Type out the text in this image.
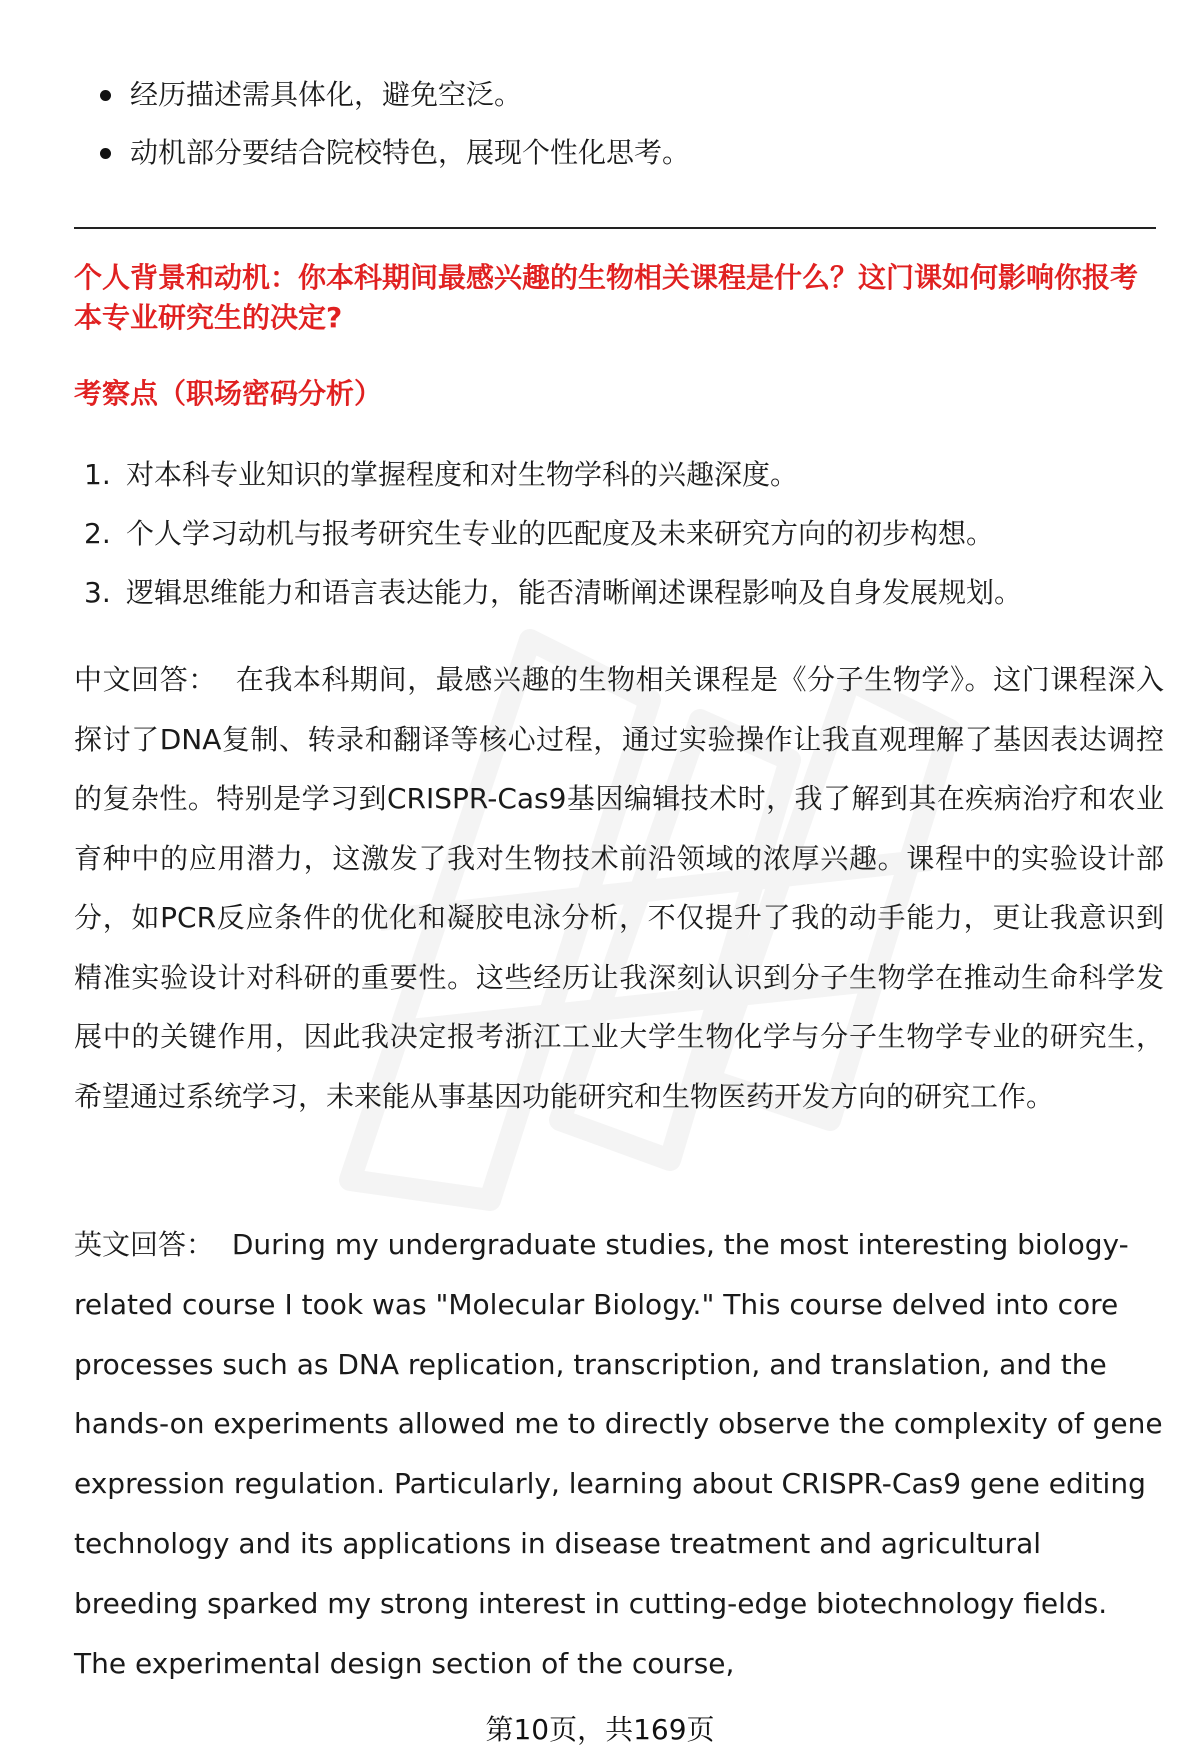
经历描述需具体化，避免空泛。
动机部分要结合院校特色，展现个性化思考。

个人背景和动机：你本科期间最感兴趣的生物相关课程是什么？这门课如何影响你报考本专业研究生的决定?

考察点（职场密码分析）

1. 对本科专业知识的掌握程度和对生物学科的兴趣深度。
2. 个人学习动机与报考研究生专业的匹配度及未来研究方向的初步构想。
3. 逻辑思维能力和语言表达能力，能否清晰阐述课程影响及自身发展规划。

中文回答： 在我本科期间，最感兴趣的生物相关课程是《分子生物学》。这门课程深入探讨了DNA复制、转录和翻译等核心过程，通过实验操作让我直观理解了基因表达调控的复杂性。特别是学习到CRISPR-Cas9基因编辑技术时，我了解到其在疾病治疗和农业育种中的应用潜力，这激发了我对生物技术前沿领域的浓厚兴趣。课程中的实验设计部分，如PCR反应条件的优化和凝胶电泳分析，不仅提升了我的动手能力，更让我意识到精准实验设计对科研的重要性。这些经历让我深刻认识到分子生物学在推动生命科学发展中的关键作用，因此我决定报考浙江工业大学生物化学与分子生物学专业的研究生，希望通过系统学习，未来能从事基因功能研究和生物医药开发方向的研究工作。

英文回答： During my undergraduate studies, the most interesting biology-related course I took was "Molecular Biology." This course delved into core processes such as DNA replication, transcription, and translation, and the hands-on experiments allowed me to directly observe the complexity of gene expression regulation. Particularly, learning about CRISPR-Cas9 gene editing technology and its applications in disease treatment and agricultural breeding sparked my strong interest in cutting-edge biotechnology fields. The experimental design section of the course,

第10页，共169页
